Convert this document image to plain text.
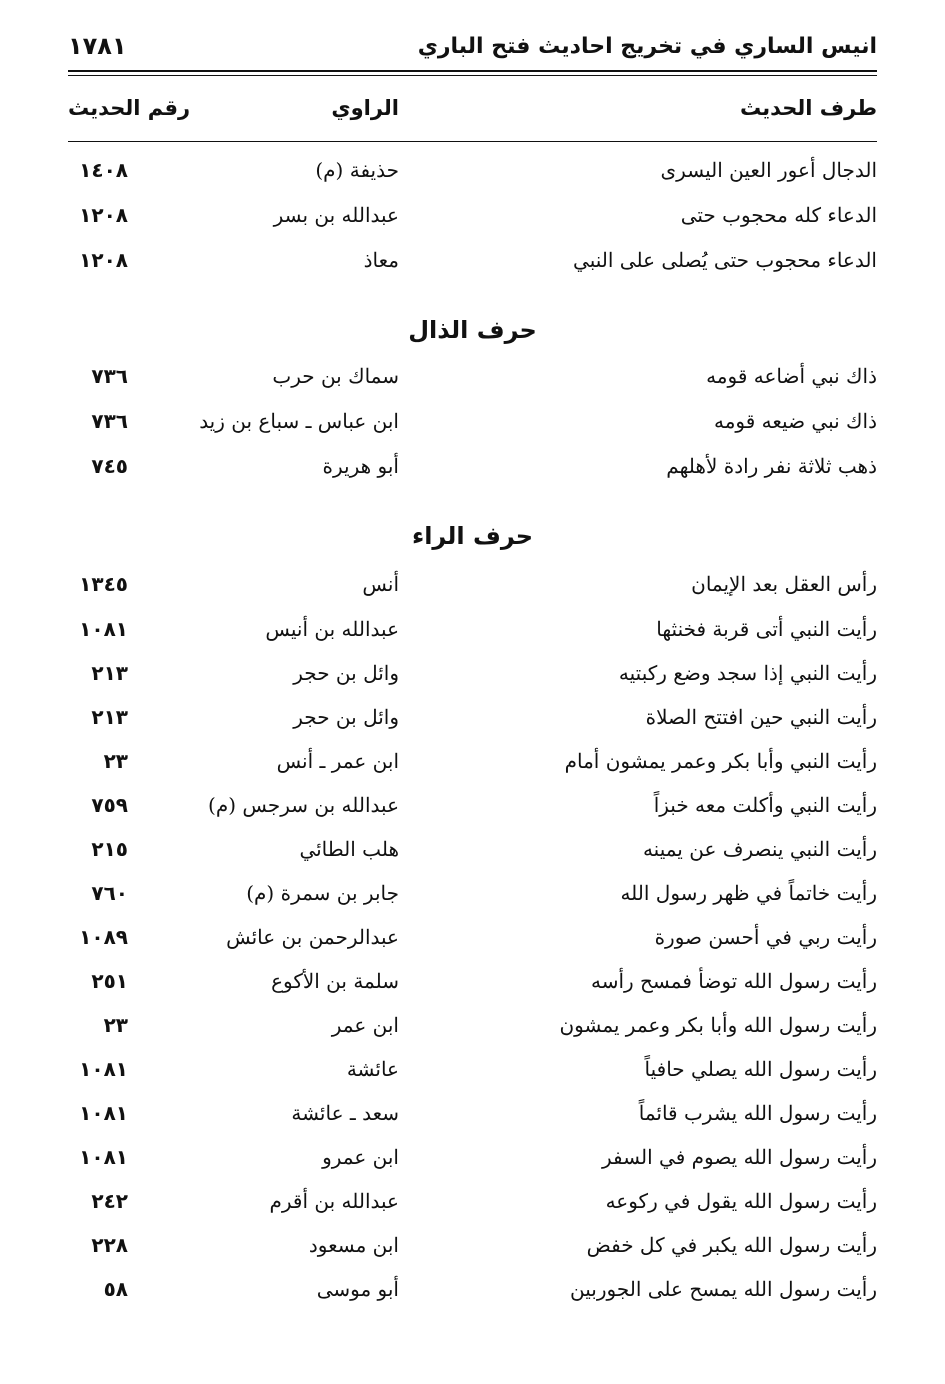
انيس الساري في تخريج احاديث فتح الباري
١٧٨١
طرف الحديث
الراوي
رقم الحديث
الدجال أعور العين اليسرى
حذيفة (م)
١٤٠٨
الدعاء كله محجوب حتى
عبدالله بن بسر
١٢٠٨
الدعاء محجوب حتى يُصلى على النبي
معاذ
١٢٠٨
حرف الذال
ذاك نبي أضاعه قومه
سماك بن حرب
٧٣٦
ذاك نبي ضيعه قومه
ابن عباس ـ سباع بن زيد
٧٣٦
ذهب ثلاثة نفر رادة لأهلهم
أبو هريرة
٧٤٥
حرف الراء
رأس العقل بعد الإيمان
أنس
١٣٤٥
رأيت النبي أتى قربة فخنثها
عبدالله بن أنيس
١٠٨١
رأيت النبي إذا سجد وضع ركبتيه
وائل بن حجر
٢١٣
رأيت النبي حين افتتح الصلاة
وائل بن حجر
٢١٣
رأيت النبي وأبا بكر وعمر يمشون أمام
ابن عمر ـ أنس
٢٣
رأيت النبي وأكلت معه خبزاً
عبدالله بن سرجس (م)
٧٥٩
رأيت النبي ينصرف عن يمينه
هلب الطائي
٢١٥
رأيت خاتماً في ظهر رسول الله
جابر بن سمرة (م)
٧٦٠
رأيت ربي في أحسن صورة
عبدالرحمن بن عائش
١٠٨٩
رأيت رسول الله توضأ فمسح رأسه
سلمة بن الأكوع
٢٥١
رأيت رسول الله وأبا بكر وعمر يمشون
ابن عمر
٢٣
رأيت رسول الله يصلي حافياً
عائشة
١٠٨١
رأيت رسول الله يشرب قائماً
سعد ـ عائشة
١٠٨١
رأيت رسول الله يصوم في السفر
ابن عمرو
١٠٨١
رأيت رسول الله يقول في ركوعه
عبدالله بن أقرم
٢٤٢
رأيت رسول الله يكبر في كل خفض
ابن مسعود
٢٢٨
رأيت رسول الله يمسح على الجوربين
أبو موسى
٥٨
